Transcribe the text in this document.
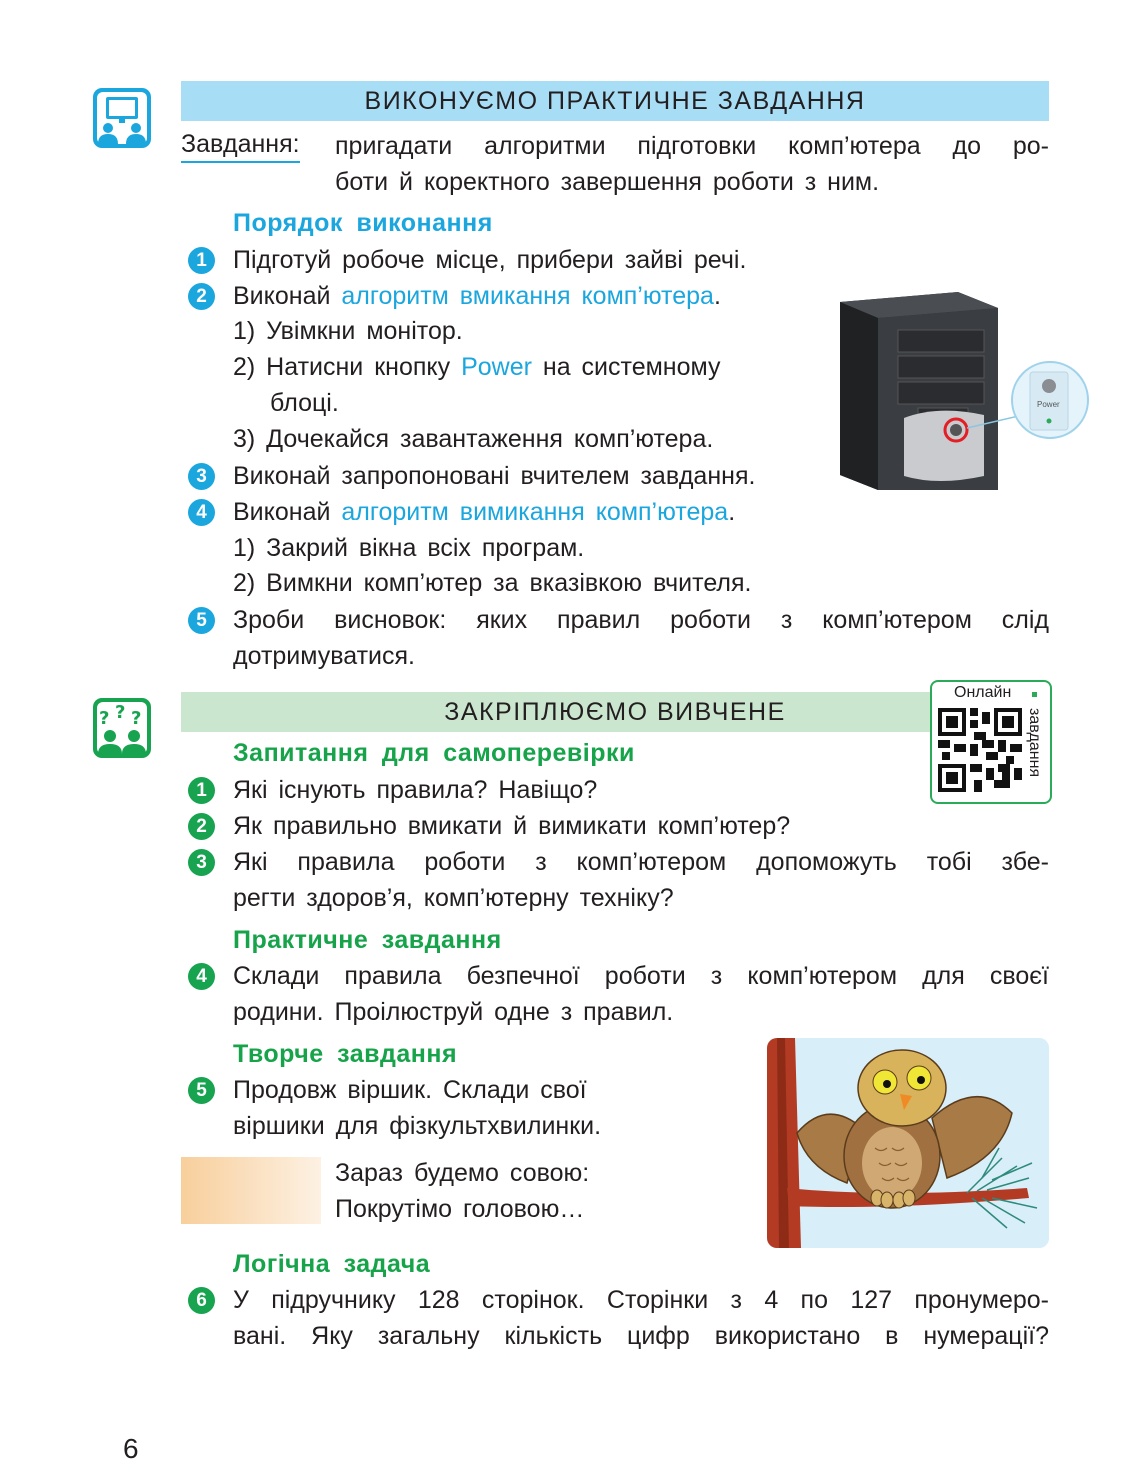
ВИКОНУЄМО ПРАКТИЧНЕ ЗАВДАННЯ
Завдання: пригадати алгоритми підготовки комп’ютера до ро-
боти й коректного завершення роботи з ним.
Порядок виконання
1	Підготуй робоче місце, прибери зайві речі.
2	Виконай алгоритм вмикання комп’ютера.
1) Увімкни монітор.
2) Натисни кнопку Power на системному
блоці.
3) Дочекайся завантаження комп’ютера.
Power
3	Виконай запропоновані вчителем завдання.
4	Виконай алгоритм вимикання комп’ютера.
1) Закрий вікна всіх програм.
2) Вимкни комп’ютер за вказівкою вчителя.
5	Зроби висновок: яких правил роботи з комп’ютером слід
дотримуватися.
? ? ?	ЗАКРІПЛЮЄМО ВИВЧЕНЕ
Онлайн
завдання
Запитання для самоперевірки
1	Які існують правила? Навіщо?
2	Як правильно вмикати й вимикати комп’ютер?
3	Які правила роботи з комп’ютером допоможуть тобі збе-
регти здоров’я, комп’ютерну техніку?
Практичне завдання
4	Склади правила безпечної роботи з комп’ютером для своєї
родини. Проілюструй одне з правил.
Творче завдання
5	Продовж віршик. Склади свої
віршики для фізкультхвилинки.
Зараз будемо совою:
Покрутімо головою…
Логічна задача
6	У підручнику 128 сторінок. Сторінки з 4 по 127 пронумеро-
вані. Яку загальну кількість цифр використано в нумерації?
6
